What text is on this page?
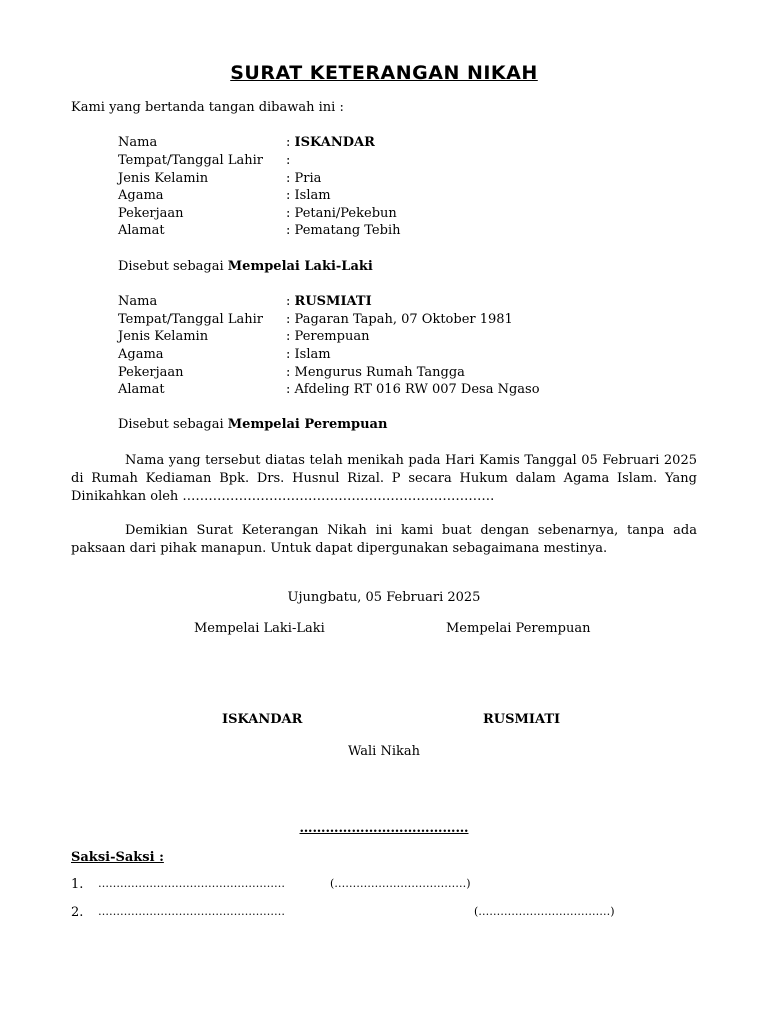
SURAT KETERANGAN NIKAH
Kami yang bertanda tangan dibawah ini :
Nama	: ISKANDAR
Tempat/Tanggal Lahir :
Jenis Kelamin	: Pria
Agama	: Islam
Pekerjaan	: Petani/Pekebun
Alamat	: Pematang Tebih
Disebut sebagai Mempelai Laki-Laki
Nama	: RUSMIATI
Tempat/Tanggal Lahir : Pagaran Tapah, 07 Oktober 1981
Jenis Kelamin	: Perempuan
Agama	: Islam
Pekerjaan	: Mengurus Rumah Tangga
Alamat	: Afdeling RT 016 RW 007 Desa Ngaso
Disebut sebagai Mempelai Perempuan
Nama yang tersebut diatas telah menikah pada Hari Kamis Tanggal 05 Februari 2025 di Rumah Kediaman Bpk. Drs. Husnul Rizal. P secara Hukum dalam Agama Islam. Yang Dinikahkan oleh ………………………………………………………………
Demikian Surat Keterangan Nikah ini kami buat dengan sebenarnya, tanpa ada paksaan dari pihak manapun. Untuk dapat dipergunakan sebagaimana mestinya.
Ujungbatu, 05 Februari 2025
Mempelai Laki-Laki	Mempelai Perempuan
ISKANDAR	RUSMIATI
Wali Nikah
…………………………………
Saksi-Saksi :
1. ……………………………………………	(………………………………)
2. ……………………………………………	(………………………………)
